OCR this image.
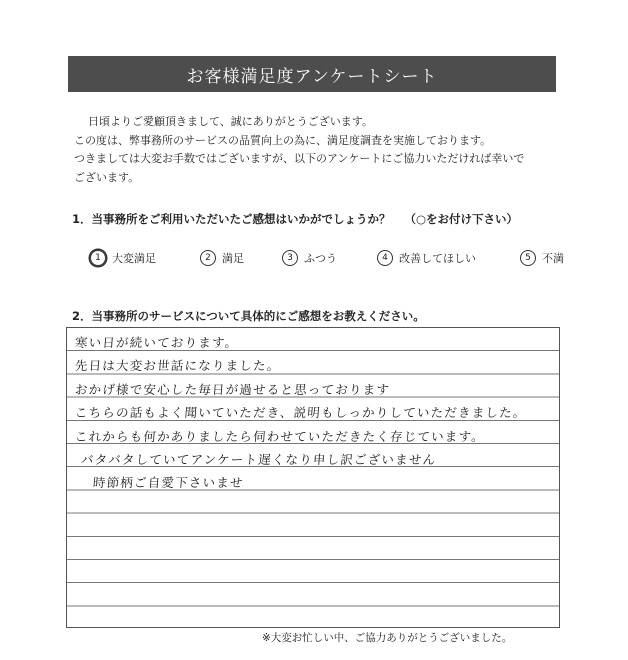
お客様満足度アンケートシート

日頃よりご愛顧頂きまして、誠にありがとうございます。

この度は、弊事務所のサービスの品質向上の為に、満足度調査を実施しております。

つきましては大変お手数ではございますが、以下のアンケートにご協力いただければ幸いで

ございます。

1．当事務所をご利用いただいたご感想はいかがでしょうか？ （○をお付け下さい）
1	大変満足	2	満足	3	ふつう	4	改善してほしい	5	不満
2．当事務所のサービスについて具体的にご感想をお教えください。
寒い日が続いております。
先日は大変お世話になりました。
おかげ様で安心した毎日が過せると思っております
こちらの話もよく聞いていただき、説明もしっかりしていただきました。
これからも何かありましたら伺わせていただきたく存じています。
バタバタしていてアンケート遅くなり申し訳ございません
時節柄ご自愛下さいませ
※大変お忙しい中、ご協力ありがとうございました。
